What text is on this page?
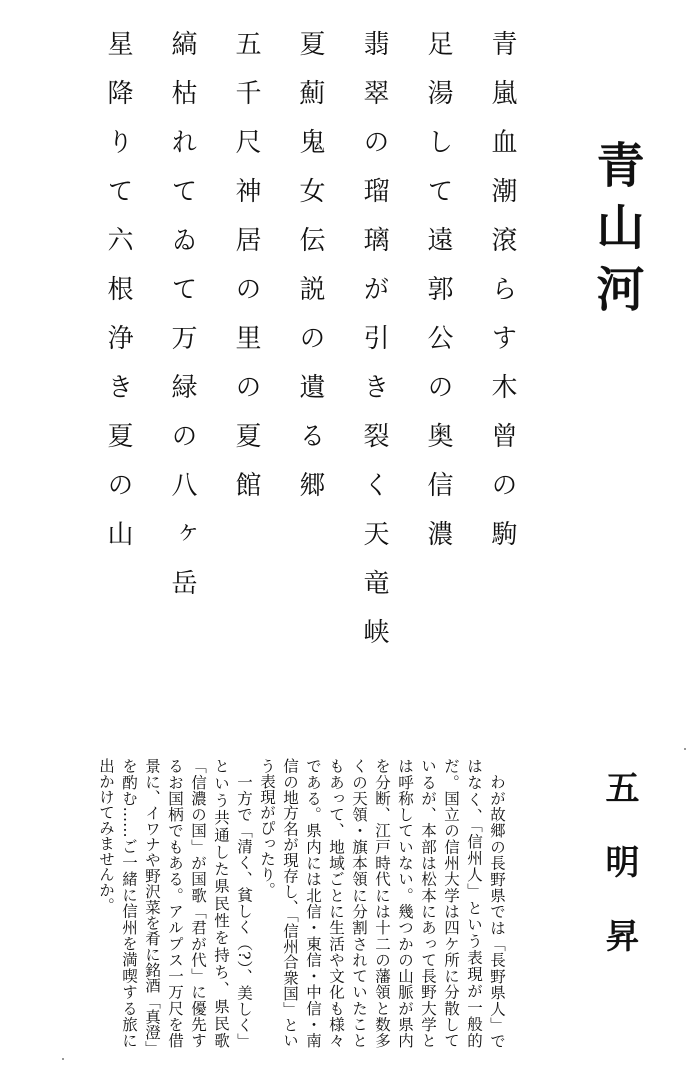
青山河
青嵐血潮滾らす木曾の駒
足湯して遠郭公の奥信濃
翡翠の瑠璃が引き裂く天竜峡
夏薊鬼女伝説の遺る郷
五千尺神居の里の夏館
縞枯れてゐて万緑の八ヶ岳
星降りて六根浄き夏の山
五明昇
わが故郷の長野県では「長野県人」ではなく、「信州人」という表現が一般的だ。国立の信州大学は四ケ所に分散しているが、本部は松本にあって長野大学とは呼称していない。幾つかの山脈が県内を分断、江戸時代には十二の藩領と数多くの天領・旗本領に分割されていたこともあって、地域ごとに生活や文化も様々である。県内には北信・東信・中信・南信の地方名が現存し、「信州合衆国」という表現がぴったり。
一方で「清く、貧しく（?）、美しく」という共通した県民性を持ち、県民歌「信濃の国」が国歌「君が代」に優先するお国柄でもある。アルプス一万尺を借景に、イワナや野沢菜を肴に銘酒「真澄」を酌む……ご一緒に信州を満喫する旅に出かけてみませんか。
